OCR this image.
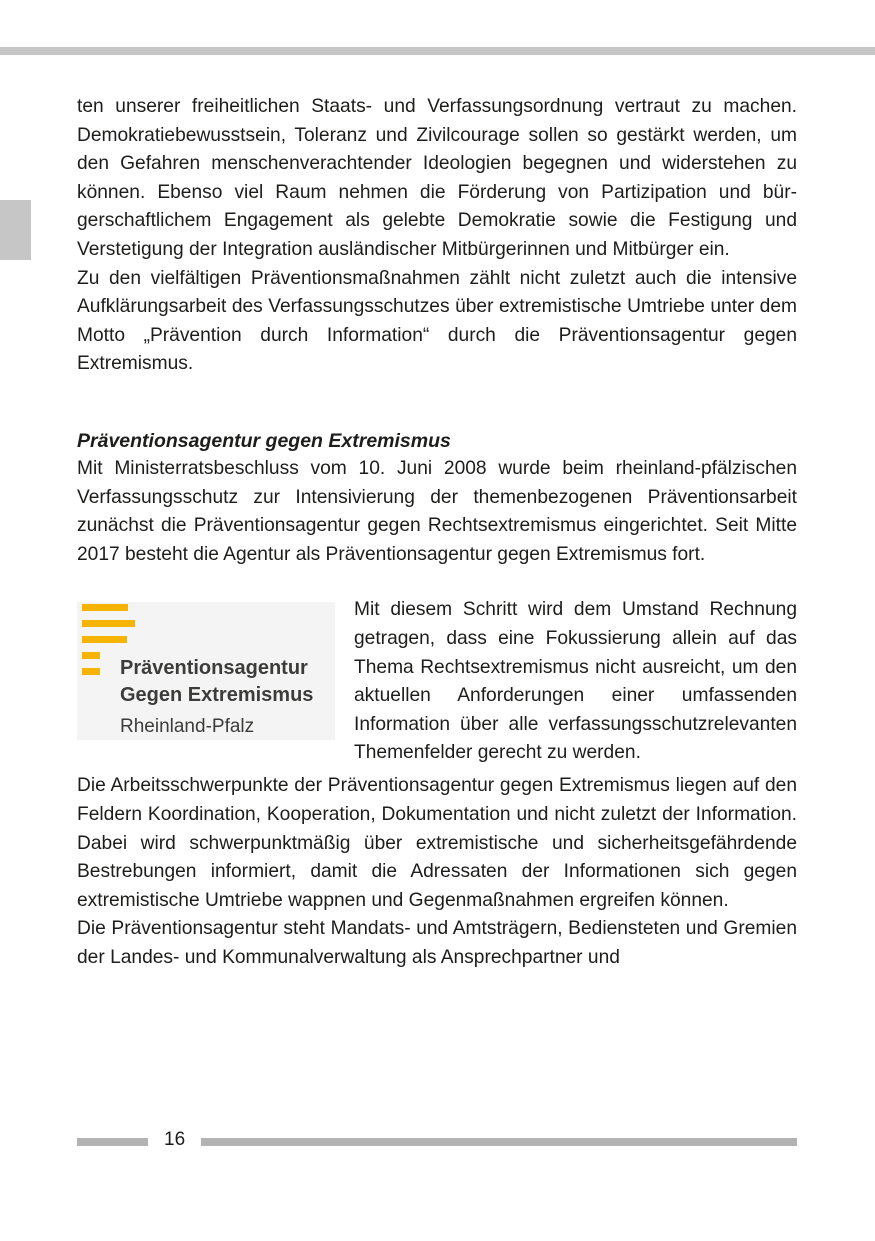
ten unserer freiheitlichen Staats- und Verfassungsordnung vertraut zu machen. Demokratiebewusstsein, Toleranz und Zivilcourage sollen so gestärkt werden, um den Gefahren menschenverachtender Ideologien begegnen und widerstehen zu können. Ebenso viel Raum nehmen die Förderung von Partizipation und bürgerschaftlichem Engagement als gelebte Demokratie sowie die Festigung und Verstetigung der Integration ausländischer Mitbürgerinnen und Mitbürger ein.

Zu den vielfältigen Präventionsmaßnahmen zählt nicht zuletzt auch die intensive Aufklärungsarbeit des Verfassungsschutzes über extremistische Umtriebe unter dem Motto „Prävention durch Information“ durch die Präventionsagentur gegen Extremismus.

Präventionsagentur gegen Extremismus

Mit Ministerratsbeschluss vom 10. Juni 2008 wurde beim rheinland-pfälzischen Verfassungsschutz zur Intensivierung der themenbezogenen Präventionsarbeit zunächst die Präventionsagentur gegen Rechtsextremismus eingerichtet. Seit Mitte 2017 besteht die Agentur als Präventionsagentur gegen Extremismus fort.

Präventionsagentur
Gegen Extremismus
Rheinland-Pfalz

Mit diesem Schritt wird dem Umstand Rechnung getragen, dass eine Fokussierung allein auf das Thema Rechtsextremismus nicht ausreicht, um den aktuellen Anforderungen einer umfassenden Information über alle verfassungsschutzrelevanten Themenfelder gerecht zu werden.

Die Arbeitsschwerpunkte der Präventionsagentur gegen Extremismus liegen auf den Feldern Koordination, Kooperation, Dokumentation und nicht zuletzt der Information. Dabei wird schwerpunktmäßig über extremistische und sicherheitsgefährdende Bestrebungen informiert, damit die Adressaten der Informationen sich gegen extremistische Umtriebe wappnen und Gegenmaßnahmen ergreifen können.

Die Präventionsagentur steht Mandats- und Amtsträgern, Bediensteten und Gremien der Landes- und Kommunalverwaltung als Ansprechpartner und

16
